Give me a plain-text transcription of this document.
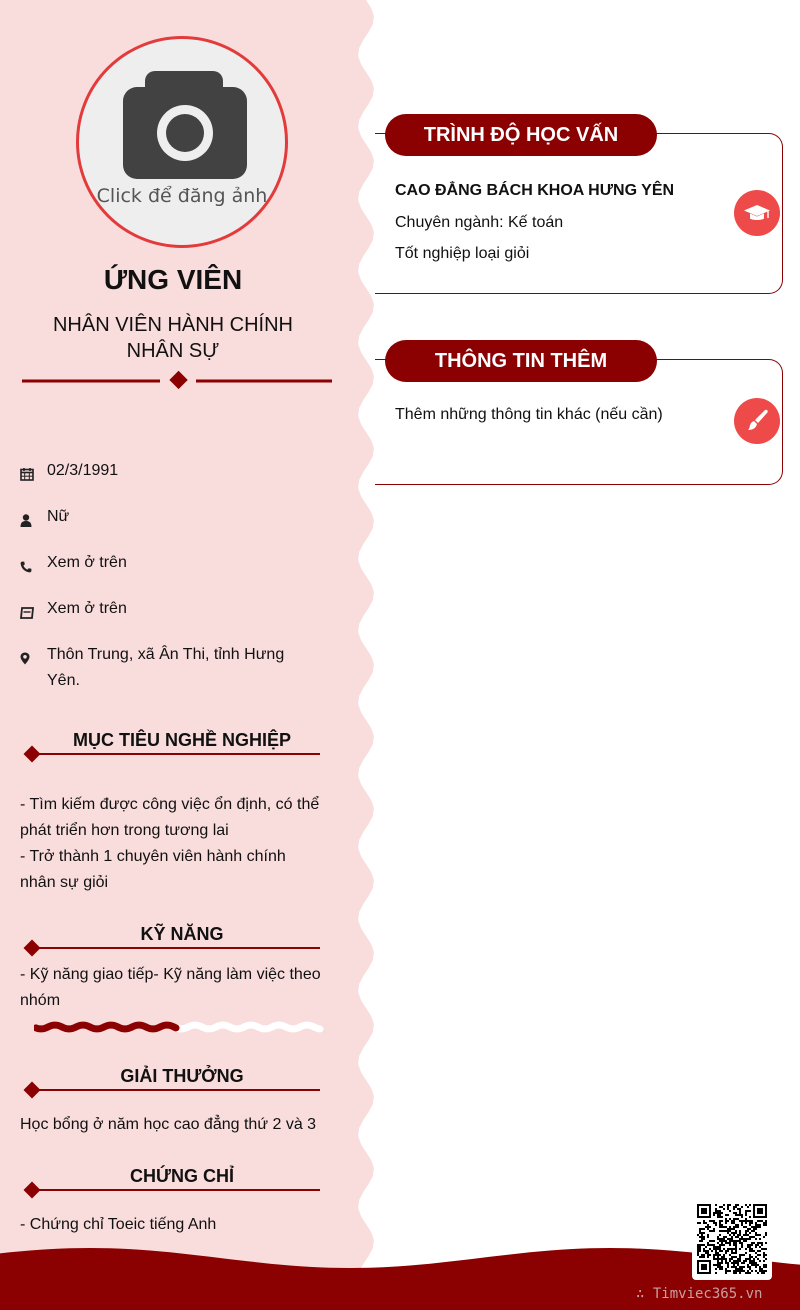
Click để đăng ảnh
ỨNG VIÊN
NHÂN VIÊN HÀNH CHÍNH NHÂN SỰ
02/3/1991
Nữ
Xem ở trên
Xem ở trên
Thôn Trung, xã Ân Thi, tỉnh Hưng Yên.
MỤC TIÊU NGHỀ NGHIỆP
- Tìm kiếm được công việc ổn định, có thể phát triển hơn trong tương lai
- Trở thành 1 chuyên viên hành chính nhân sự giỏi
KỸ NĂNG
- Kỹ năng giao tiếp- Kỹ năng làm việc theo nhóm
GIẢI THƯỞNG
Học bổng ở năm học cao đẳng thứ 2 và 3
CHỨNG CHỈ
- Chứng chỉ Toeic tiếng Anh
TRÌNH ĐỘ HỌC VẤN
CAO ĐẲNG BÁCH KHOA HƯNG YÊN
Chuyên ngành: Kế toán
Tốt nghiệp loại giỏi
THÔNG TIN THÊM
Thêm những thông tin khác (nếu cần)
∴ Timviec365.vn
